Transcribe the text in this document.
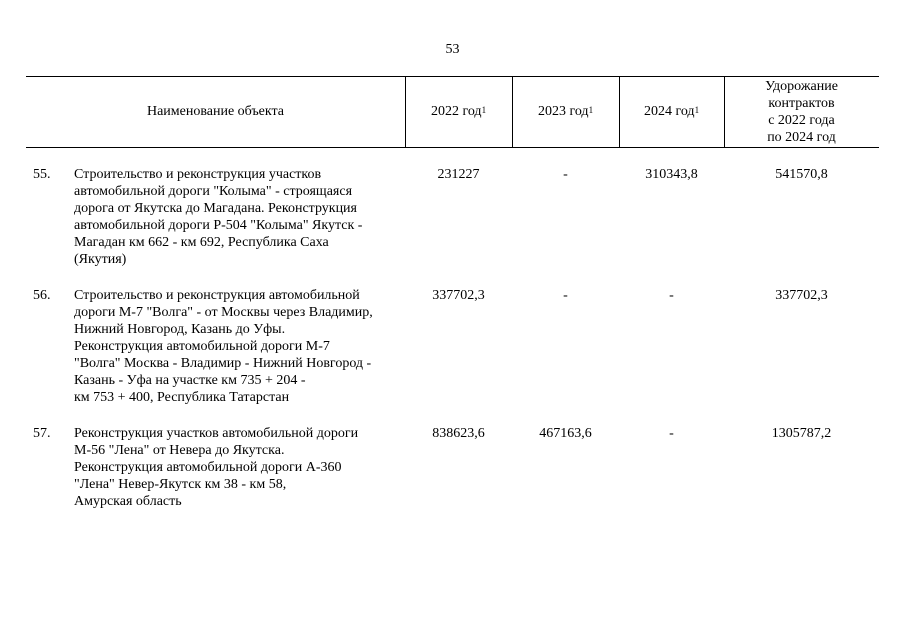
53
Наименование объекта	2022 год$^1$	2023 год$^1$	2024 год$^1$
Удорожание
контрактов
с 2022 года
по 2024 год
55.	Строительство и реконструкция участков
автомобильной дороги "Колыма" - строящаяся
дорога от Якутска до Магадана. Реконструкция
автомобильной дороги Р-504 "Колыма" Якутск -
Магадан км 662 - км 692, Республика Саха
(Якутия)
231227	-	310343,8	541570,8
56.	Строительство и реконструкция автомобильной
дороги М-7 "Волга" - от Москвы через Владимир,
Нижний Новгород, Казань до Уфы.
Реконструкция автомобильной дороги М-7
"Волга" Москва - Владимир - Нижний Новгород -
Казань - Уфа на участке км 735 + 204 -
км 753 + 400, Республика Татарстан
337702,3	-	-	337702,3
57.	Реконструкция участков автомобильной дороги
М-56 "Лена" от Невера до Якутска.
Реконструкция автомобильной дороги А-360
"Лена" Невер-Якутск км 38 - км 58,
Амурская область
838623,6	467163,6	-	1305787,2
